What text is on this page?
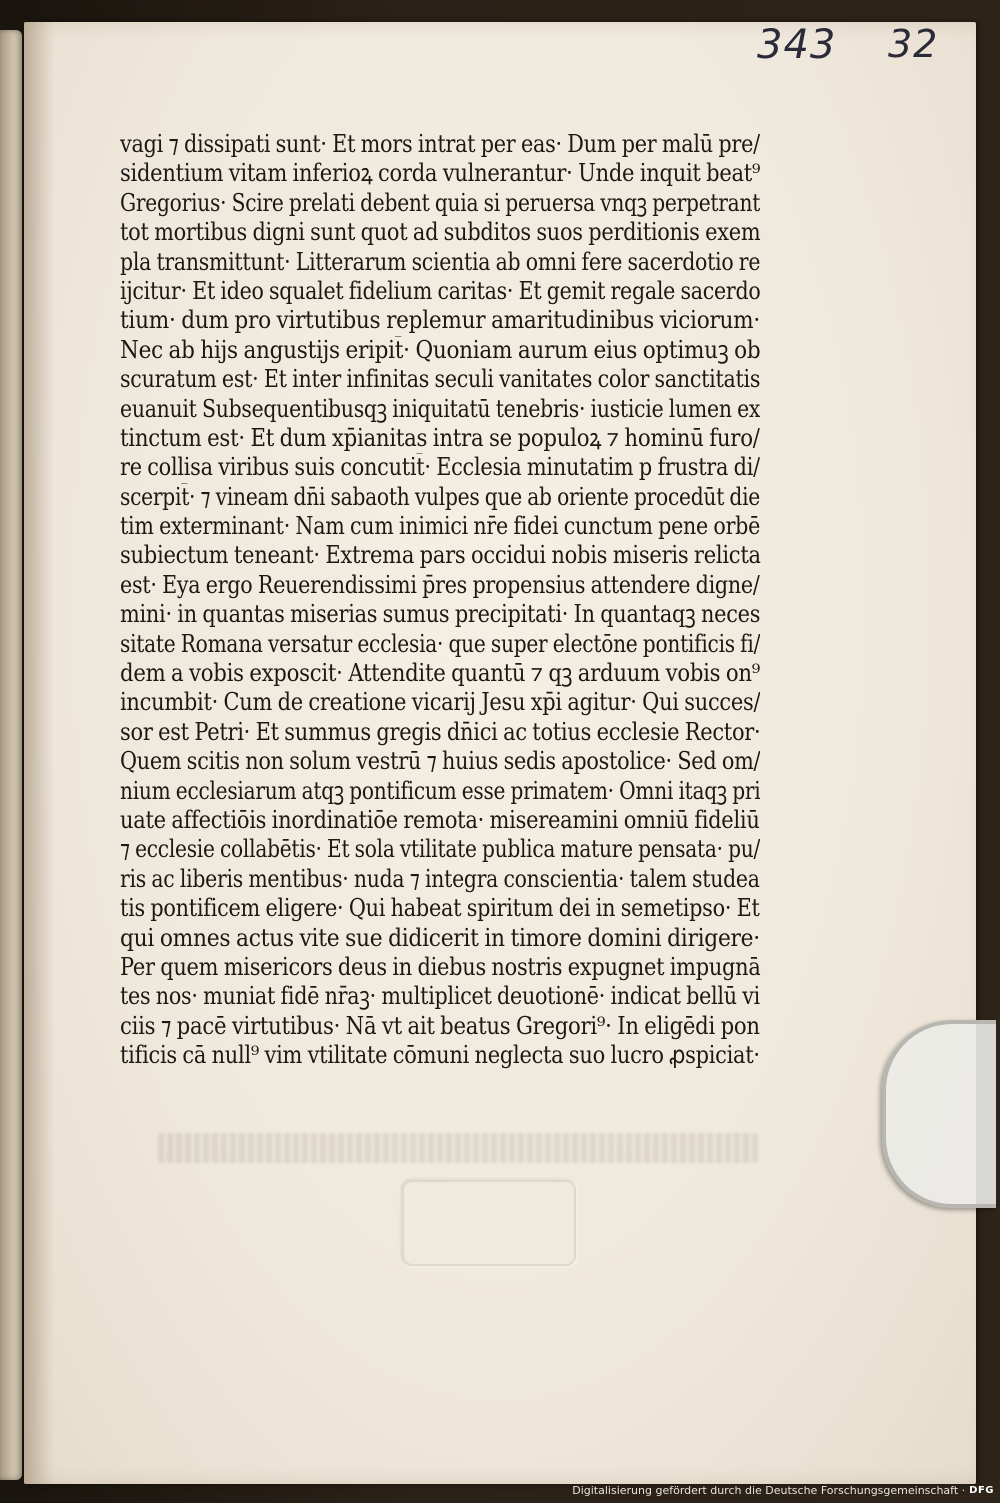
343 32
vagi ⁊ dissipati sunt· Et mors intrat per eas· Dum per malū pre/
sidentium vitam inferioꝝ corda vulnerantur· Unde inquit beat⁹
Gregorius· Scire prelati debent quia si peruersa vnqꝫ perpetrant
tot mortibus digni sunt quot ad subditos suos perditionis exem
pla transmittunt· Litterarum scientia ab omni fere sacerdotio re
ijcitur· Et ideo squalet fidelium caritas· Et gemit regale sacerdo
tium· dum pro virtutibus replemur amaritudinibus viciorum·
Nec ab hijs angustijs eripit̄· Quoniam aurum eius optimuꝫ ob
scuratum est· Et inter infinitas seculi vanitates color sanctitatis
euanuit Subsequentibusqꝫ iniquitatū tenebris· iusticie lumen ex
tinctum est· Et dum xp̄ianitas intra se populoꝝ ⁊ hominū furo/
re collisa viribus suis concutit̄· Ecclesia minutatim p frustra di/
scerpit̄· ⁊ vineam dn̄i sabaoth vulpes que ab oriente procedūt die
tim exterminant· Nam cum inimici nr̄e fidei cunctum pene orbē
subiectum teneant· Extrema pars occidui nobis miseris relicta
est· Eya ergo Reuerendissimi p̄res propensius attendere digne/
mini· in quantas miserias sumus precipitati· In quantaqꝫ neces
sitate Romana versatur ecclesia· que super electōne pontificis fi/
dem a vobis exposcit· Attendite quantū ⁊ qꝫ arduum vobis on⁹
incumbit· Cum de creatione vicarij Jesu xp̄i agitur· Qui succes/
sor est Petri· Et summus gregis dn̄ici ac totius ecclesie Rector·
Quem scitis non solum vestrū ⁊ huius sedis apostolice· Sed om/
nium ecclesiarum atqꝫ pontificum esse primatem· Omni itaqꝫ pri
uate affectiōis inordinatiōe remota· misereamini omniū fideliū
⁊ ecclesie collabētis· Et sola vtilitate publica mature pensata· pu/
ris ac liberis mentibus· nuda ⁊ integra conscientia· talem studea
tis pontificem eligere· Qui habeat spiritum dei in semetipso· Et
qui omnes actus vite sue didicerit in timore domini dirigere·
Per quem misericors deus in diebus nostris expugnet impugnā
tes nos· muniat fidē nr̄aꝫ· multiplicet deuotionē· indicat bellū vi
ciis ⁊ pacē virtutibus· Nā vt ait beatus Gregori⁹· In eligēdi pon
tificis cā null⁹ vim vtilitate cōmuni neglecta suo lucro ꝓspiciat·
Digitalisierung gefördert durch die Deutsche Forschungsgemeinschaft · DFG
